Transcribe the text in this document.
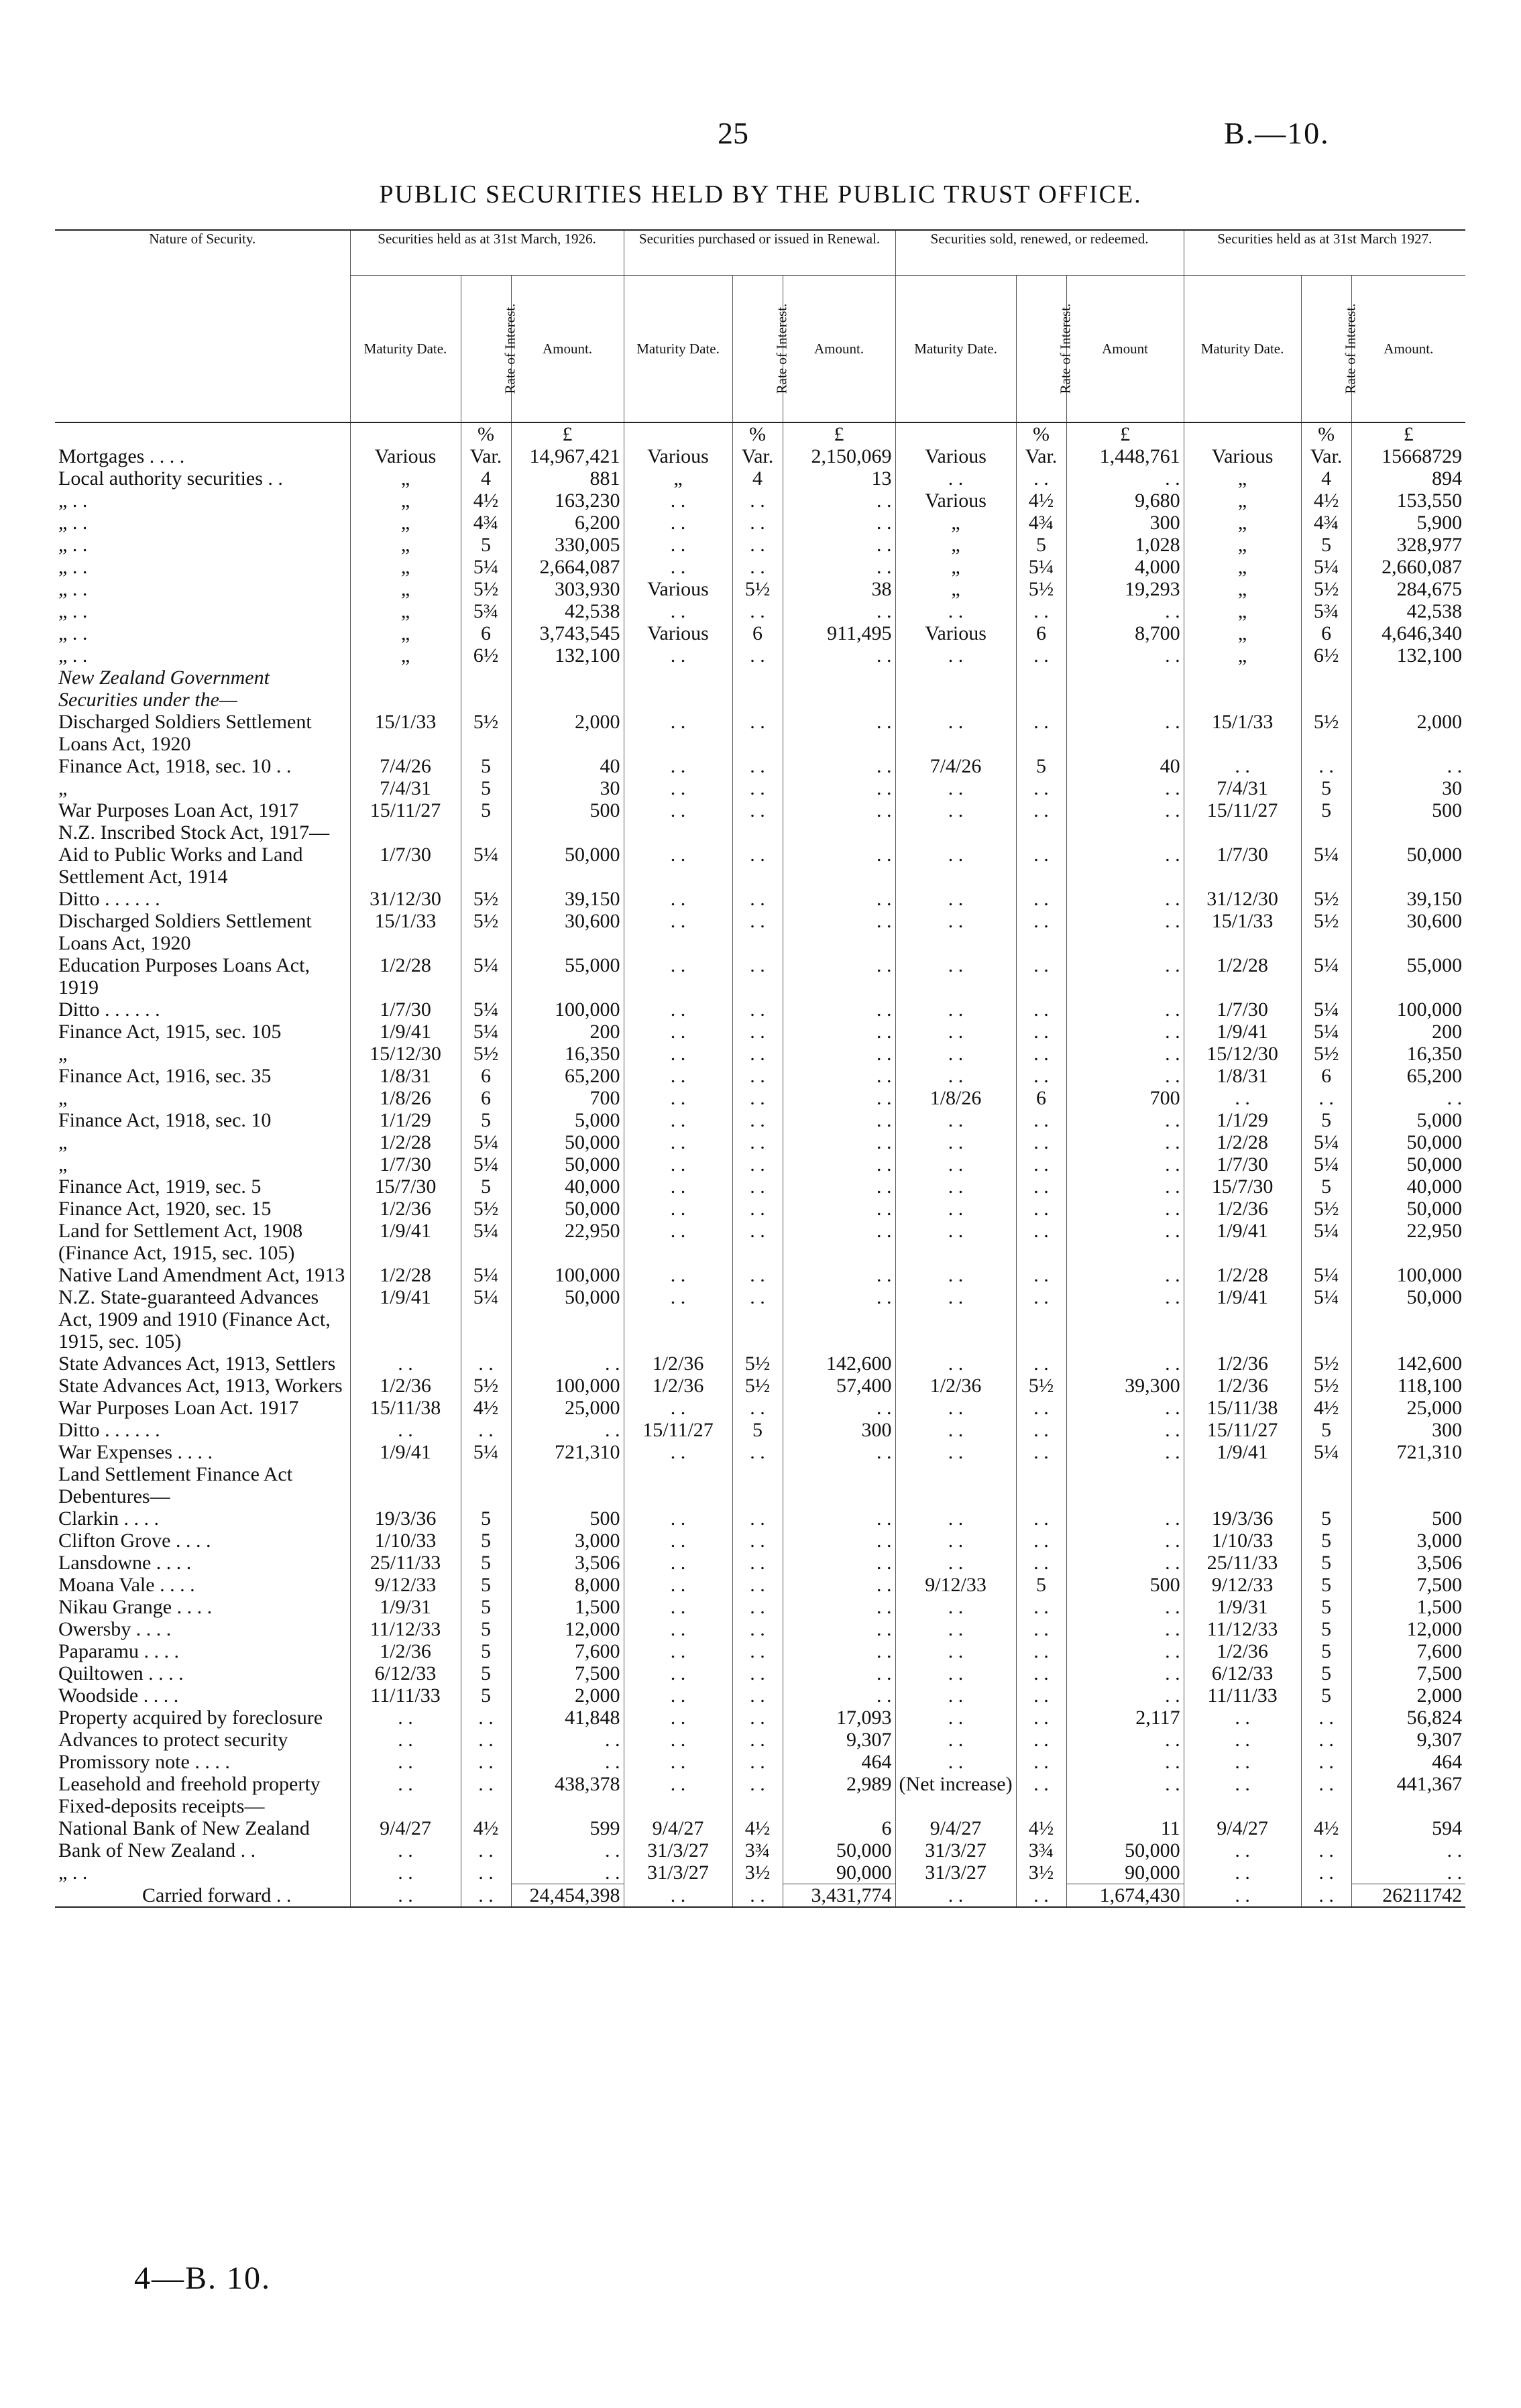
25	B.—10.
PUBLIC SECURITIES HELD BY THE PUBLIC TRUST OFFICE.
Nature of Security.	Securities held as at 31st March, 1926.			Securities purchased or issued in Renewal.			Securities sold, renewed, or redeemed.			Securities held as at 31st March 1927.		
	Maturity Date.	Rate of Interest.	Amount.	Maturity Date.	Rate of Interest.	Amount.	Maturity Date.	Rate of Interest.	Amount	Maturity Date.	Rate of Interest.	Amount.
		%	£		%	£		%	£		%	£
Mortgages . . . .	Various	Var.	14,967,421	Various	Var.	2,150,069	Various	Var.	1,448,761	Various	Var.	15668729
Local authority securities . .	„	4	881	„	4	13	. .	. .	. .	„	4	894
„ . .	„	4½	163,230	. .	. .	. .	Various	4½	9,680	„	4½	153,550
„ . .	„	4¾	6,200	. .	. .	. .	„	4¾	300	„	4¾	5,900
„ . .	„	5	330,005	. .	. .	. .	„	5	1,028	„	5	328,977
„ . .	„	5¼	2,664,087	. .	. .	. .	„	5¼	4,000	„	5¼	2,660,087
„ . .	„	5½	303,930	Various	5½	38	„	5½	19,293	„	5½	284,675
„ . .	„	5¾	42,538	. .	. .	. .	. .	. .	. .	„	5¾	42,538
„ . .	„	6	3,743,545	Various	6	911,495	Various	6	8,700	„	6	4,646,340
„ . .	„	6½	132,100	. .	. .	. .	. .	. .	. .	„	6½	132,100
New Zealand Government Securities under the—												
Discharged Soldiers Settlement Loans Act, 1920	15/1/33	5½	2,000	. .	. .	. .	. .	. .	. .	15/1/33	5½	2,000
Finance Act, 1918, sec. 10 . .	7/4/26	5	40	. .	. .	. .	7/4/26	5	40	. .	. .	. .
„	7/4/31	5	30	. .	. .	. .	. .	. .	. .	7/4/31	5	30
War Purposes Loan Act, 1917	15/11/27	5	500	. .	. .	. .	. .	. .	. .	15/11/27	5	500
N.Z. Inscribed Stock Act, 1917—												
Aid to Public Works and Land Settlement Act, 1914	1/7/30	5¼	50,000	. .	. .	. .	. .	. .	. .	1/7/30	5¼	50,000
Ditto . . . . . .	31/12/30	5½	39,150	. .	. .	. .	. .	. .	. .	31/12/30	5½	39,150
Discharged Soldiers Settlement Loans Act, 1920	15/1/33	5½	30,600	. .	. .	. .	. .	. .	. .	15/1/33	5½	30,600
Education Purposes Loans Act, 1919	1/2/28	5¼	55,000	. .	. .	. .	. .	. .	. .	1/2/28	5¼	55,000
Ditto . . . . . .	1/7/30	5¼	100,000	. .	. .	. .	. .	. .	. .	1/7/30	5¼	100,000
Finance Act, 1915, sec. 105	1/9/41	5¼	200	. .	. .	. .	. .	. .	. .	1/9/41	5¼	200
„	15/12/30	5½	16,350	. .	. .	. .	. .	. .	. .	15/12/30	5½	16,350
Finance Act, 1916, sec. 35	1/8/31	6	65,200	. .	. .	. .	. .	. .	. .	1/8/31	6	65,200
„	1/8/26	6	700	. .	. .	. .	1/8/26	6	700	. .	. .	. .
Finance Act, 1918, sec. 10	1/1/29	5	5,000	. .	. .	. .	. .	. .	. .	1/1/29	5	5,000
„	1/2/28	5¼	50,000	. .	. .	. .	. .	. .	. .	1/2/28	5¼	50,000
„	1/7/30	5¼	50,000	. .	. .	. .	. .	. .	. .	1/7/30	5¼	50,000
Finance Act, 1919, sec. 5	15/7/30	5	40,000	. .	. .	. .	. .	. .	. .	15/7/30	5	40,000
Finance Act, 1920, sec. 15	1/2/36	5½	50,000	. .	. .	. .	. .	. .	. .	1/2/36	5½	50,000
Land for Settlement Act, 1908 (Finance Act, 1915, sec. 105)	1/9/41	5¼	22,950	. .	. .	. .	. .	. .	. .	1/9/41	5¼	22,950
Native Land Amendment Act, 1913	1/2/28	5¼	100,000	. .	. .	. .	. .	. .	. .	1/2/28	5¼	100,000
N.Z. State-guaranteed Advances Act, 1909 and 1910 (Finance Act, 1915, sec. 105)	1/9/41	5¼	50,000	. .	. .	. .	. .	. .	. .	1/9/41	5¼	50,000
State Advances Act, 1913, Settlers	. .	. .	. .	1/2/36	5½	142,600	. .	. .	. .	1/2/36	5½	142,600
State Advances Act, 1913, Workers	1/2/36	5½	100,000	1/2/36	5½	57,400	1/2/36	5½	39,300	1/2/36	5½	118,100
War Purposes Loan Act. 1917	15/11/38	4½	25,000	. .	. .	. .	. .	. .	. .	15/11/38	4½	25,000
Ditto . . . . . .	. .	. .	. .	15/11/27	5	300	. .	. .	. .	15/11/27	5	300
War Expenses . . . .	1/9/41	5¼	721,310	. .	. .	. .	. .	. .	. .	1/9/41	5¼	721,310
Land Settlement Finance Act Debentures—												
Clarkin . . . .	19/3/36	5	500	. .	. .	. .	. .	. .	. .	19/3/36	5	500
Clifton Grove . . . .	1/10/33	5	3,000	. .	. .	. .	. .	. .	. .	1/10/33	5	3,000
Lansdowne . . . .	25/11/33	5	3,506	. .	. .	. .	. .	. .	. .	25/11/33	5	3,506
Moana Vale . . . .	9/12/33	5	8,000	. .	. .	. .	9/12/33	5	500	9/12/33	5	7,500
Nikau Grange . . . .	1/9/31	5	1,500	. .	. .	. .	. .	. .	. .	1/9/31	5	1,500
Owersby . . . .	11/12/33	5	12,000	. .	. .	. .	. .	. .	. .	11/12/33	5	12,000
Paparamu . . . .	1/2/36	5	7,600	. .	. .	. .	. .	. .	. .	1/2/36	5	7,600
Quiltowen . . . .	6/12/33	5	7,500	. .	. .	. .	. .	. .	. .	6/12/33	5	7,500
Woodside . . . .	11/11/33	5	2,000	. .	. .	. .	. .	. .	. .	11/11/33	5	2,000
Property acquired by foreclosure	. .	. .	41,848	. .	. .	17,093	. .	. .	2,117	. .	. .	56,824
Advances to protect security	. .	. .	. .	. .	. .	9,307	. .	. .	. .	. .	. .	9,307
Promissory note . . . .	. .	. .	. .	. .	. .	464	. .	. .	. .	. .	. .	464
Leasehold and freehold property	. .	. .	438,378	. .	. .	2,989	(Net increase)	. .	. .	. .	. .	441,367
Fixed-deposits receipts—												
National Bank of New Zealand	9/4/27	4½	599	9/4/27	4½	6	9/4/27	4½	11	9/4/27	4½	594
Bank of New Zealand . .	. .	. .	. .	31/3/27	3¾	50,000	31/3/27	3¾	50,000	. .	. .	. .
„ . .	. .	. .	. .	31/3/27	3½	90,000	31/3/27	3½	90,000	. .	. .	. .
Carried forward . .	. .	. .	24,454,398	. .	. .	3,431,774	. .	. .	1,674,430	. .	. .	26211742
4—B. 10.
